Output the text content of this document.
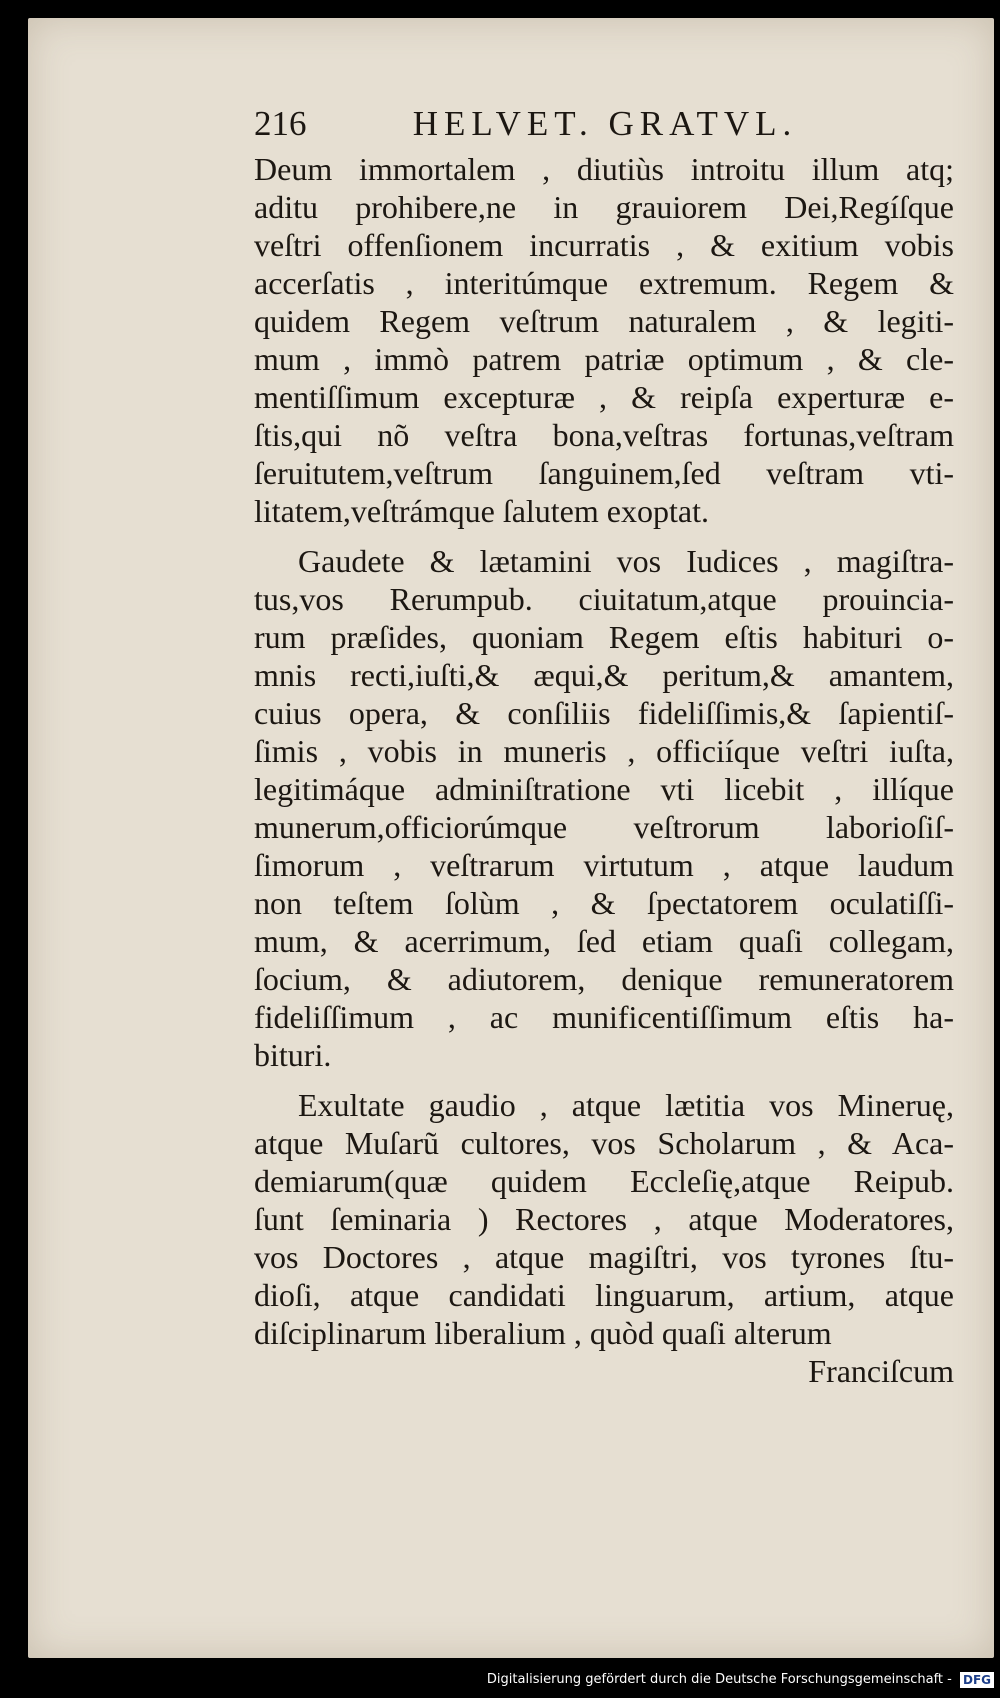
216	HELVET. GRATVL.
Deum immortalem , diutiùs introitu illum atq;
aditu prohibere,ne in grauiorem Dei,Regíſque
veſtri offenſionem incurratis , & exitium vobis
accerſatis , interitúmque extremum. Regem &
quidem Regem veſtrum naturalem , & legiti-
mum , immò patrem patriæ optimum , & cle-
mentiſſimum excepturæ , & reipſa experturæ e-
ſtis,qui nõ veſtra bona,veſtras fortunas,veſtram
ſeruitutem,veſtrum ſanguinem,ſed veſtram vti-
litatem,veſtrámque ſalutem exoptat.
Gaudete & lætamini vos Iudices , magiſtra-
tus,vos Rerumpub. ciuitatum,atque prouincia-
rum præſides, quoniam Regem eſtis habituri o-
mnis recti,iuſti,& æqui,& peritum,& amantem,
cuius opera, & conſiliis fideliſſimis,& ſapientiſ-
ſimis , vobis in muneris , officiíque veſtri iuſta,
legitimáque adminiſtratione vti licebit , illíque
munerum,officiorúmque veſtrorum laborioſiſ-
ſimorum , veſtrarum virtutum , atque laudum
non teſtem ſolùm , & ſpectatorem oculatiſſi-
mum, & acerrimum, ſed etiam quaſi collegam,
ſocium, & adiutorem, denique remuneratorem
fideliſſimum , ac munificentiſſimum eſtis ha-
bituri.
Exultate gaudio , atque lætitia vos Mineruę,
atque Muſarũ cultores, vos Scholarum , & Aca-
demiarum(quæ quidem Eccleſię,atque Reipub.
ſunt ſeminaria ) Rectores , atque Moderatores,
vos Doctores , atque magiſtri, vos tyrones ſtu-
dioſi, atque candidati linguarum, artium, atque
diſciplinarum liberalium , quòd quaſi alterum
Franciſcum
Digitalisierung gefördert durch die Deutsche Forschungsgemeinschaft - DFG
